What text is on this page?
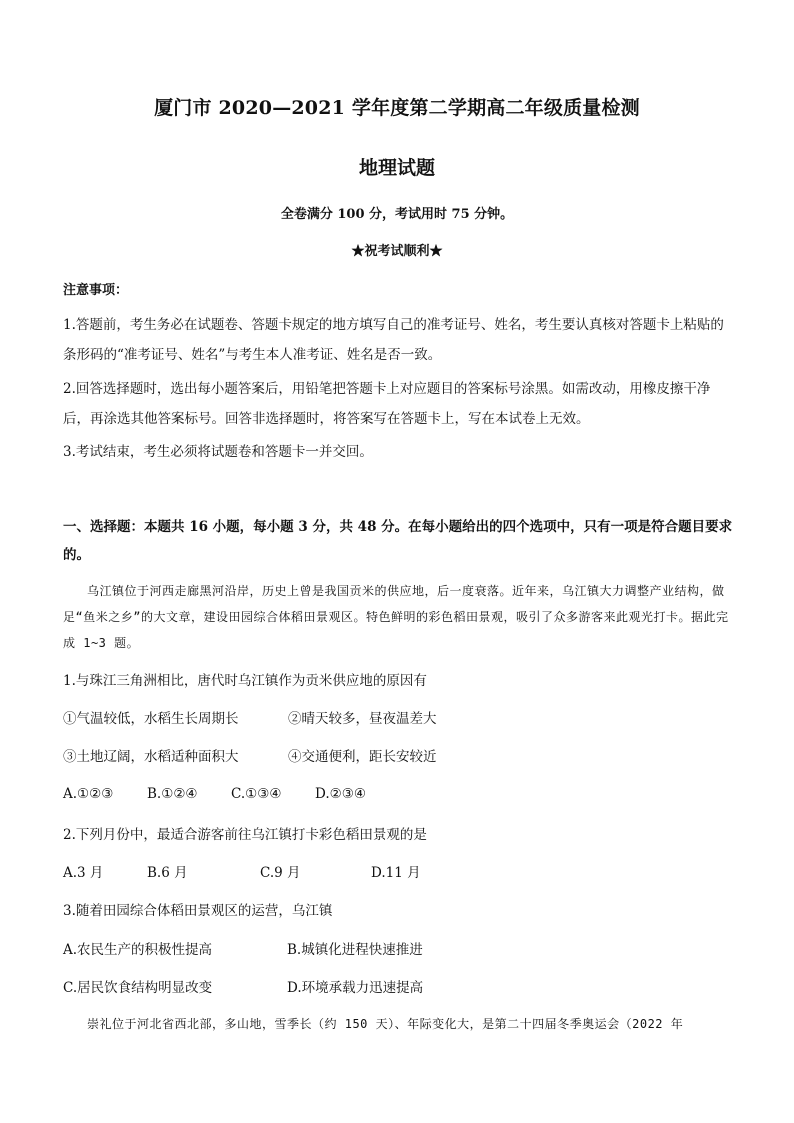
厦门市 2020—2021 学年度第二学期高二年级质量检测
地理试题
全卷满分 100 分，考试用时 75 分钟。
★祝考试顺利★
注意事项：
1.答题前，考生务必在试题卷、答题卡规定的地方填写自己的准考证号、姓名，考生要认真核对答题卡上粘贴的条形码的“准考证号、姓名”与考生本人准考证、姓名是否一致。
2.回答选择题时，选出每小题答案后，用铅笔把答题卡上对应题目的答案标号涂黑。如需改动，用橡皮擦干净后，再涂选其他答案标号。回答非选择题时，将答案写在答题卡上，写在本试卷上无效。
3.考试结束，考生必须将试题卷和答题卡一并交回。
一、选择题：本题共 16 小题，每小题 3 分，共 48 分。在每小题给出的四个选项中，只有一项是符合题目要求的。
乌江镇位于河西走廊黑河沿岸，历史上曾是我国贡米的供应地，后一度衰落。近年来，乌江镇大力调整产业结构，做足“鱼米之乡”的大文章，建设田园综合体稻田景观区。特色鲜明的彩色稻田景观，吸引了众多游客来此观光打卡。据此完成 1~3 题。
1.与珠江三角洲相比，唐代时乌江镇作为贡米供应地的原因有
①气温较低，水稻生长周期长	②晴天较多，昼夜温差大
③土地辽阔，水稻适种面积大	④交通便利，距长安较近
A.①②③ B.①②④ C.①③④ D.②③④
2.下列月份中，最适合游客前往乌江镇打卡彩色稻田景观的是
A.3 月	B.6 月	C.9 月	D.11 月
3.随着田园综合体稻田景观区的运营，乌江镇
A.农民生产的积极性提高	B.城镇化进程快速推进
C.居民饮食结构明显改变	D.环境承载力迅速提高
崇礼位于河北省西北部，多山地，雪季长（约 150 天）、年际变化大，是第二十四届冬季奥运会（2022 年
